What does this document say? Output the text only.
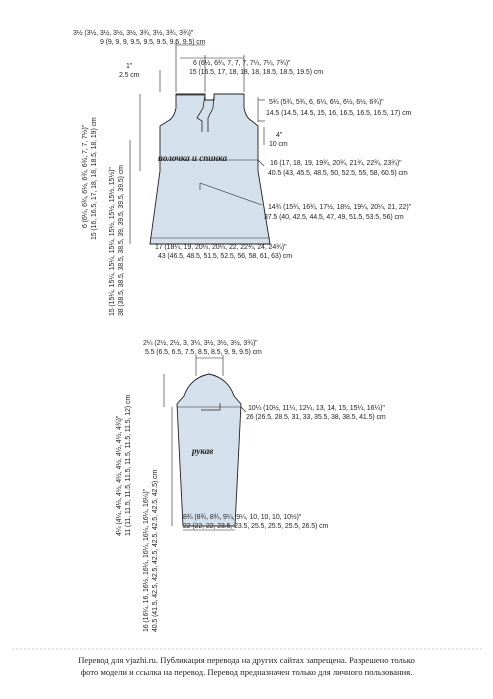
полочка и спинка
3½ (3½, 3½, 3½, 3½, 3¾, 3½, 3¾, 3¾)"
9 (9, 9, 9, 9.5, 9.5, 9.5, 9.5, 9.5) cm
6 (6½, 6¾, 7, 7, 7, 7¼, 7¼, 7¾)"
15 (16.5, 17, 18, 18, 18, 18.5, 18.5, 19.5) cm
1"
2.5 cm
5¾ (5¾, 5¾, 6, 6¼, 6½, 6½, 6½, 6¾)"
14.5 (14.5, 14.5, 15, 16, 16.5, 16.5, 16.5, 17) cm
4"
10 cm
16 (17, 18, 19, 19¾, 20¾, 21¾, 22¾, 23¾)"
40.5 (43, 45.5, 48.5, 50, 52.5, 55, 58, 60.5) cm
14¾ (15¾, 16¾, 17½, 18½, 19¼, 20¼, 21, 22)"
37.5 (40, 42.5, 44.5, 47, 49, 51.5, 53.5, 56) cm
17 (18¼, 19, 20¼, 20¼, 22, 22¾, 24, 24¾)"
43 (46.5, 48.5, 51.5, 52.5, 56, 58, 61, 63) cm
6 (6¼, 6¾, 6½, 6¾, 6¾, 7, 7, 7½)" 15 (16, 16.5, 17, 18, 18, 18.5, 18, 19) cm 15 (15¼, 15¼, 15¼, 15¼, 15½, 15½, 15½, 15½)" 38 (38.5, 38.5, 38.5, 38.5, 39, 39.5, 39.5, 39.5) cm
рукав
2¼ (2½, 2½, 3, 3¼, 3½, 3½, 3½, 3¾)"
5.5 (6.5, 6.5, 7.5, 8.5, 8.5, 9, 9, 9.5) cm
10¼ (10½, 11¼, 12¼, 13, 14, 15, 15¼, 16¼)"
26 (26.5, 28.5, 31, 33, 35.5, 38, 38.5, 41.5) cm
8¾ (8¾, 8¾, 9¼, 9¼, 10, 10, 10, 10½)"
22 (22, 22, 23.5, 23.5, 25.5, 25.5, 25.5, 26.5) cm
4¼ (4¼, 4¼, 4½, 4½, 4½, 4½, 4½, 4¾)" 11 (11, 11.5, 11.5, 11.5, 11.5, 11.5, 11.5, 12) cm
16 (16¼, 16, 16½, 16¼, 16¼, 16¼, 16¼, 16¼)" 40.5 (41.5, 42.5, 42.5, 42.5, 42.5, 42.5, 42.5, 42.5) cm
Перевод для vjazhi.ru. Публикация перевода на других сайтах запрещена. Разрешено только
фото модели и ссылка на перевод. Перевод предназначен только для личного пользования.
